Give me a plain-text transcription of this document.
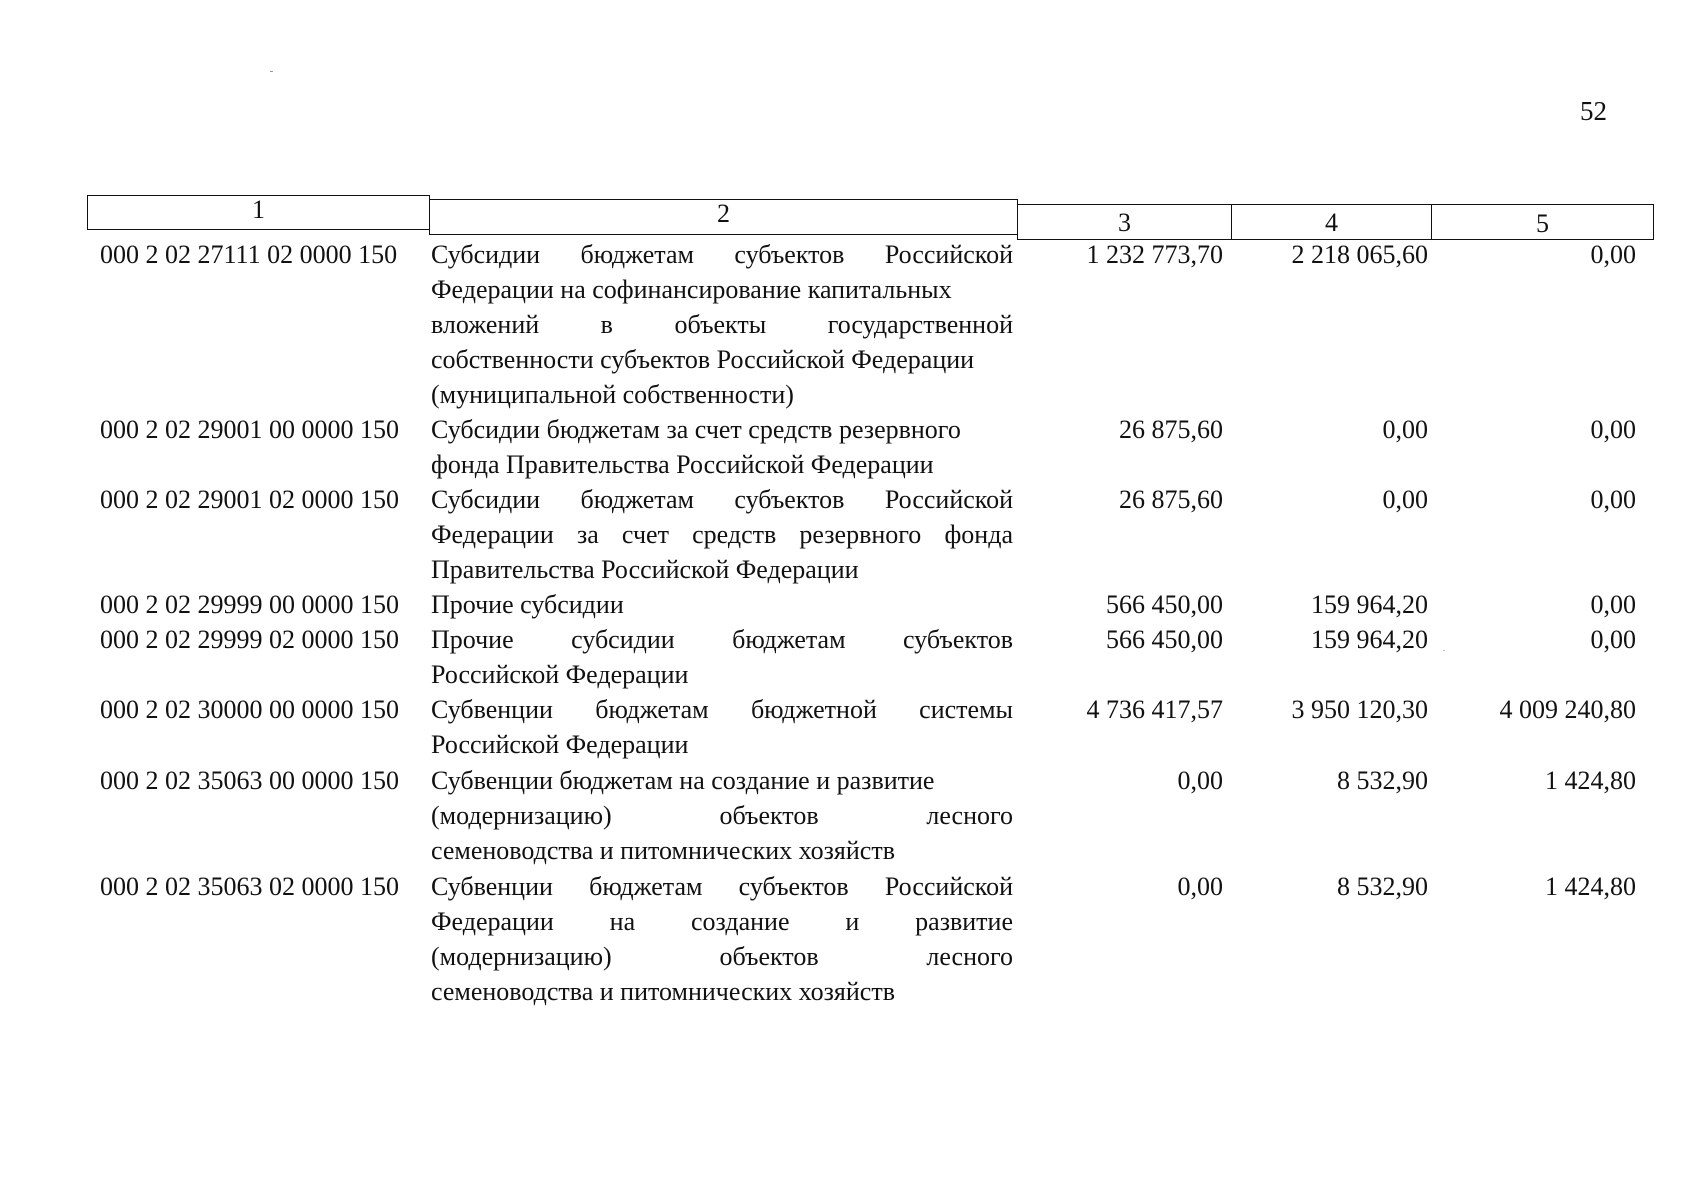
52
1	2	3	4	5
000 2 02 27111 02 0000 150	Субсидии бюджетам субъектов Российской
Федерации на софинансирование капитальных
вложений в объекты государственной
собственности субъектов Российской Федерации
(муниципальной собственности)
1 232 773,70	2 218 065,60	0,00
000 2 02 29001 00 0000 150	Субсидии бюджетам за счет средств резервного
фонда Правительства Российской Федерации
26 875,60	0,00	0,00
000 2 02 29001 02 0000 150	Субсидии бюджетам субъектов Российской
Федерации за счет средств резервного фонда
Правительства Российской Федерации
26 875,60	0,00	0,00
000 2 02 29999 00 0000 150	Прочие субсидии	566 450,00	159 964,20	0,00
000 2 02 29999 02 0000 150	Прочие субсидии бюджетам субъектов
Российской Федерации
566 450,00	159 964,20	0,00
000 2 02 30000 00 0000 150	Субвенции бюджетам бюджетной системы
Российской Федерации
4 736 417,57	3 950 120,30	4 009 240,80
000 2 02 35063 00 0000 150	Субвенции бюджетам на создание и развитие
(модернизацию) объектов лесного
семеноводства и питомнических хозяйств
0,00	8 532,90	1 424,80
000 2 02 35063 02 0000 150	Субвенции бюджетам субъектов Российской
Федерации на создание и развитие
(модернизацию) объектов лесного
семеноводства и питомнических хозяйств
0,00	8 532,90	1 424,80
